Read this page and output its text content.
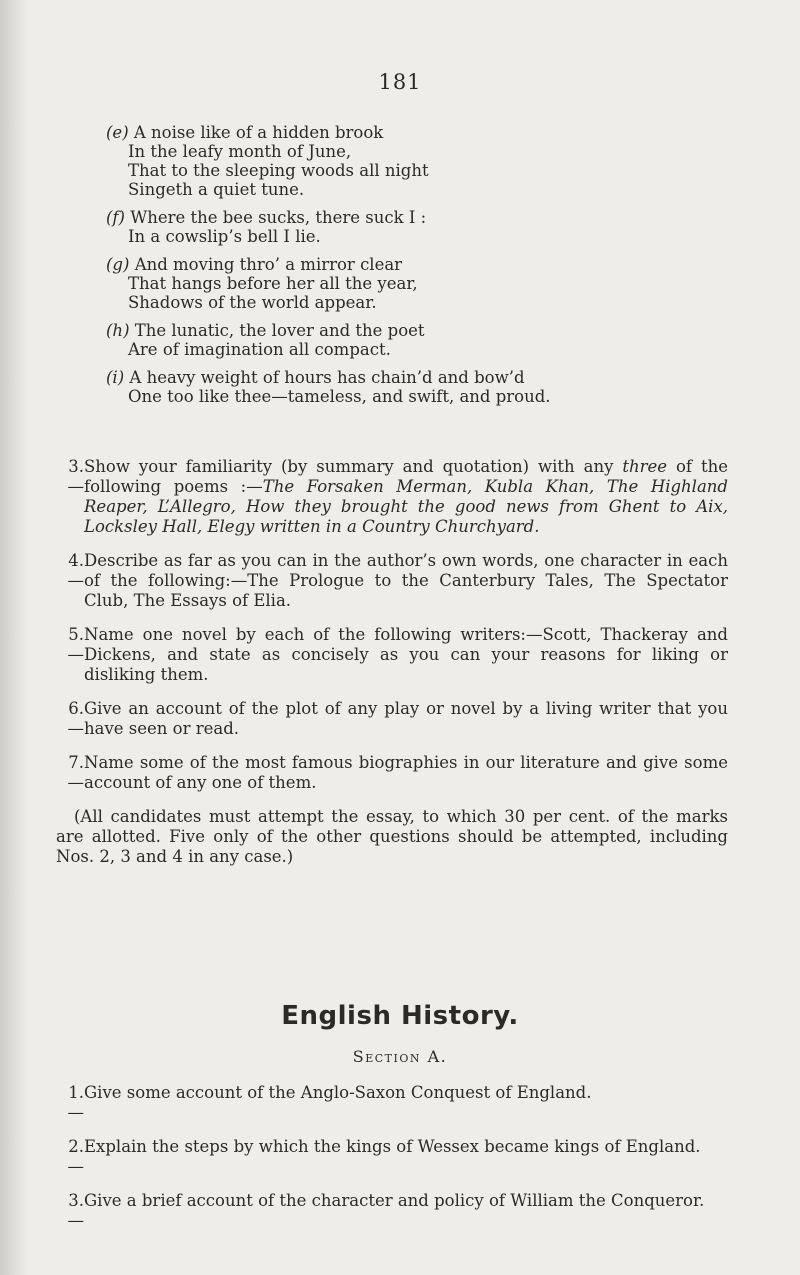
181
(e) A noise like of a hidden brook
In the leafy month of June,
That to the sleeping woods all night
Singeth a quiet tune.
(f) Where the bee sucks, there suck I :
In a cowslip’s bell I lie.
(g) And moving thro’ a mirror clear
That hangs before her all the year,
Shadows of the world appear.
(h) The lunatic, the lover and the poet
Are of imagination all compact.
(i) A heavy weight of hours has chain’d and bow’d
One too like thee—tameless, and swift, and proud.
3.—
Show your familiarity (by summary and quotation) with any three of the following poems :—The Forsaken Merman, Kubla Khan, The Highland Reaper, L’Allegro, How they brought the good news from Ghent to Aix, Locksley Hall, Elegy written in a Country Churchyard.
4.—
Describe as far as you can in the author’s own words, one character in each of the following:—The Prologue to the Canterbury Tales, The Spectator Club, The Essays of Elia.
5.—
Name one novel by each of the following writers:—Scott, Thackeray and Dickens, and state as concisely as you can your reasons for liking or disliking them.
6.—
Give an account of the plot of any play or novel by a living writer that you have seen or read.
7.—
Name some of the most famous biographies in our literature and give some account of any one of them.
(All candidates must attempt the essay, to which 30 per cent. of the marks are allotted. Five only of the other questions should be attempted, including Nos. 2, 3 and 4 in any case.)
English History.
Section A.
1.—
Give some account of the Anglo-Saxon Conquest of England.
2.—
Explain the steps by which the kings of Wessex became kings of England.
3.—
Give a brief account of the character and policy of William the Conqueror.
